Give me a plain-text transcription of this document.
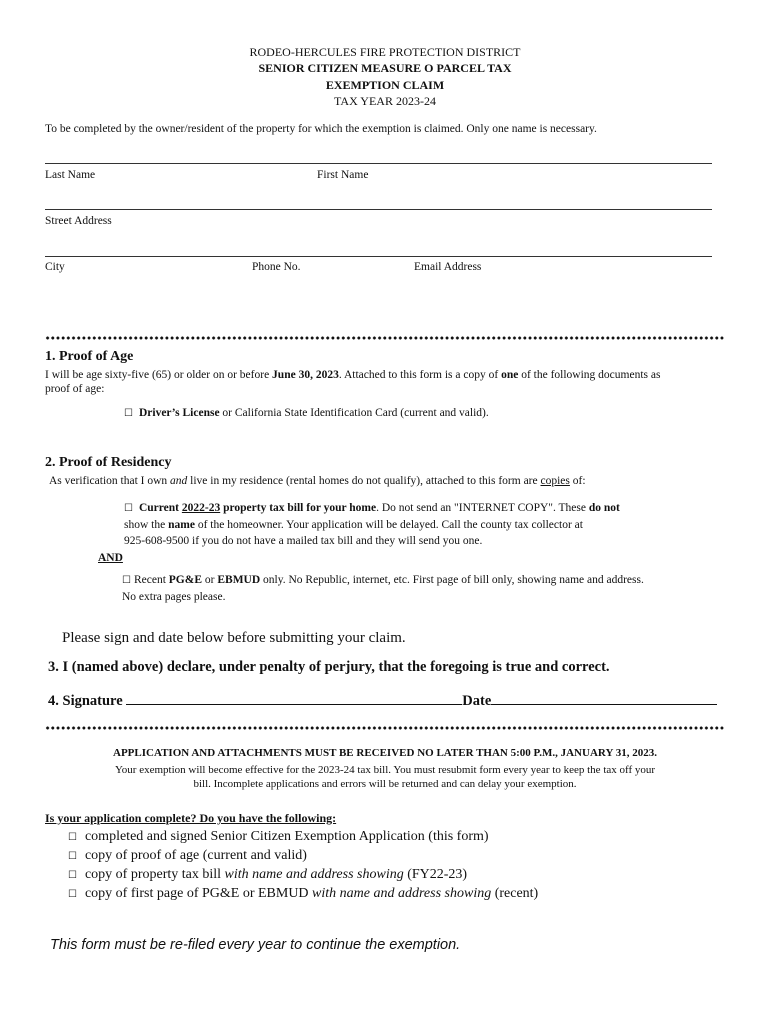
RODEO-HERCULES FIRE PROTECTION DISTRICT
SENIOR CITIZEN MEASURE O PARCEL TAX
EXEMPTION CLAIM
TAX YEAR 2023-24
To be completed by the owner/resident of the property for which the exemption is claimed. Only one name is necessary.
Last Name	First Name
Street Address
City	Phone No.	Email Address
1. Proof of Age
I will be age sixty-five (65) or older on or before June 30, 2023. Attached to this form is a copy of one of the following documents as
proof of age:
☐ Driver’s License or California State Identification Card (current and valid).
2. Proof of Residency
As verification that I own and live in my residence (rental homes do not qualify), attached to this form are copies of:
☐ Current 2022-23 property tax bill for your home. Do not send an "INTERNET COPY". These do not
show the name of the homeowner. Your application will be delayed. Call the county tax collector at
925-608-9500 if you do not have a mailed tax bill and they will send you one.
AND
☐ Recent PG&E or EBMUD only. No Republic, internet, etc. First page of bill only, showing name and address.
No extra pages please.
Please sign and date below before submitting your claim.
3. I (named above) declare, under penalty of perjury, that the foregoing is true and correct.
4. Signature	Date
APPLICATION AND ATTACHMENTS MUST BE RECEIVED NO LATER THAN 5:00 P.M., JANUARY 31, 2023.
Your exemption will become effective for the 2023-24 tax bill. You must resubmit form every year to keep the tax off your
bill. Incomplete applications and errors will be returned and can delay your exemption.
Is your application complete? Do you have the following:
☐ completed and signed Senior Citizen Exemption Application (this form)
☐ copy of proof of age (current and valid)
☐ copy of property tax bill with name and address showing (FY22-23)
☐ copy of first page of PG&E or EBMUD with name and address showing (recent)
This form must be re-filed every year to continue the exemption.
